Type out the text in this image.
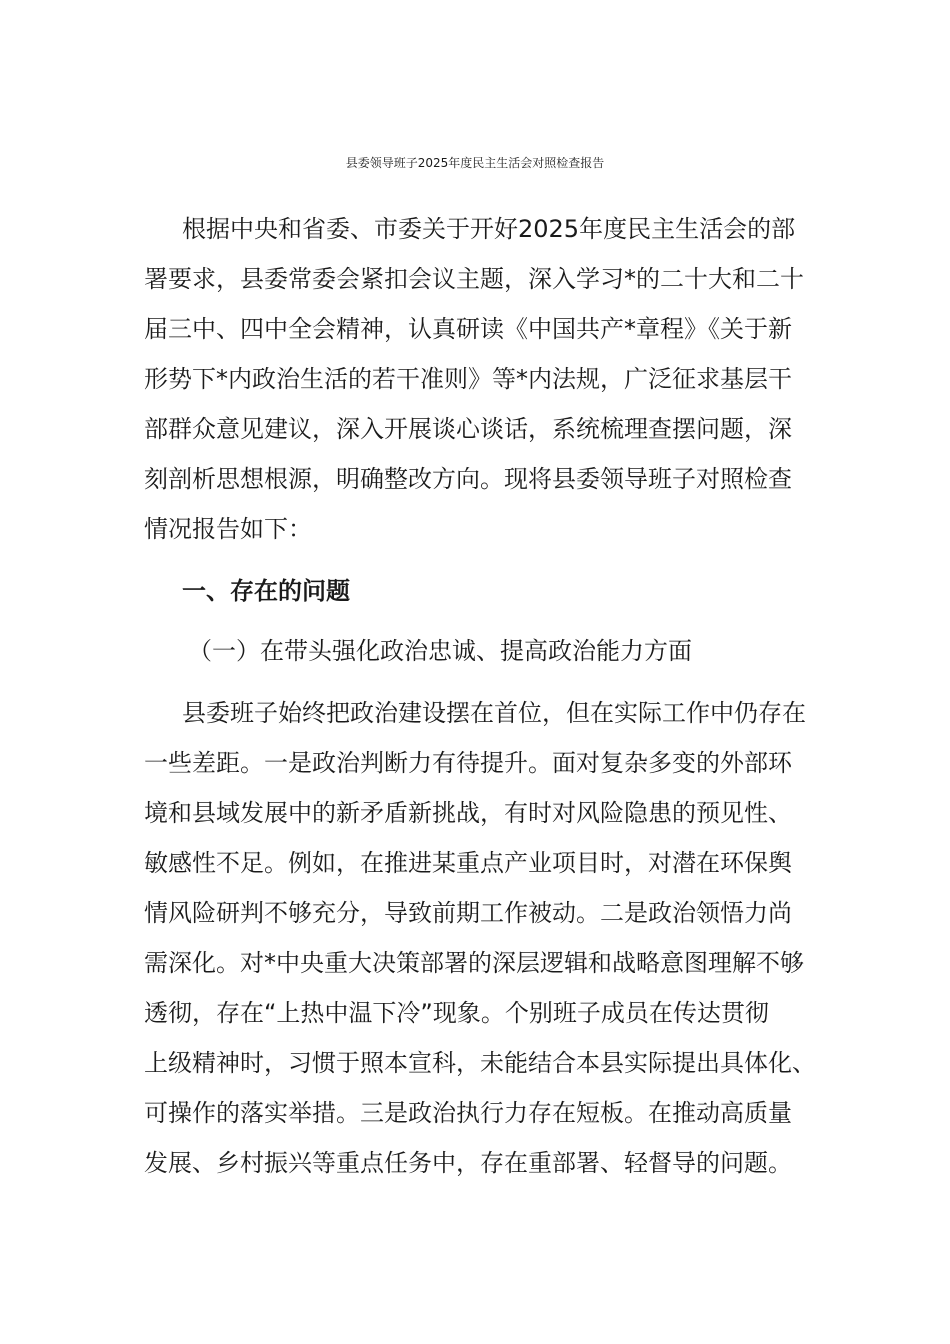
县委领导班子2025年度民主生活会对照检查报告
根据中央和省委、市委关于开好2025年度民主生活会的部
署要求，县委常委会紧扣会议主题，深入学习*的二十大和二十
届三中、四中全会精神，认真研读《中国共产*章程》《关于新
形势下*内政治生活的若干准则》等*内法规，广泛征求基层干
部群众意见建议，深入开展谈心谈话，系统梳理查摆问题，深
刻剖析思想根源，明确整改方向。现将县委领导班子对照检查
情况报告如下：
一、存在的问题
（一）在带头强化政治忠诚、提高政治能力方面
县委班子始终把政治建设摆在首位，但在实际工作中仍存在
一些差距。一是政治判断力有待提升。面对复杂多变的外部环
境和县域发展中的新矛盾新挑战，有时对风险隐患的预见性、
敏感性不足。例如，在推进某重点产业项目时，对潜在环保舆
情风险研判不够充分，导致前期工作被动。二是政治领悟力尚
需深化。对*中央重大决策部署的深层逻辑和战略意图理解不够
透彻，存在“上热中温下冷”现象。个别班子成员在传达贯彻
上级精神时，习惯于照本宣科，未能结合本县实际提出具体化、
可操作的落实举措。三是政治执行力存在短板。在推动高质量
发展、乡村振兴等重点任务中，存在重部署、轻督导的问题。
